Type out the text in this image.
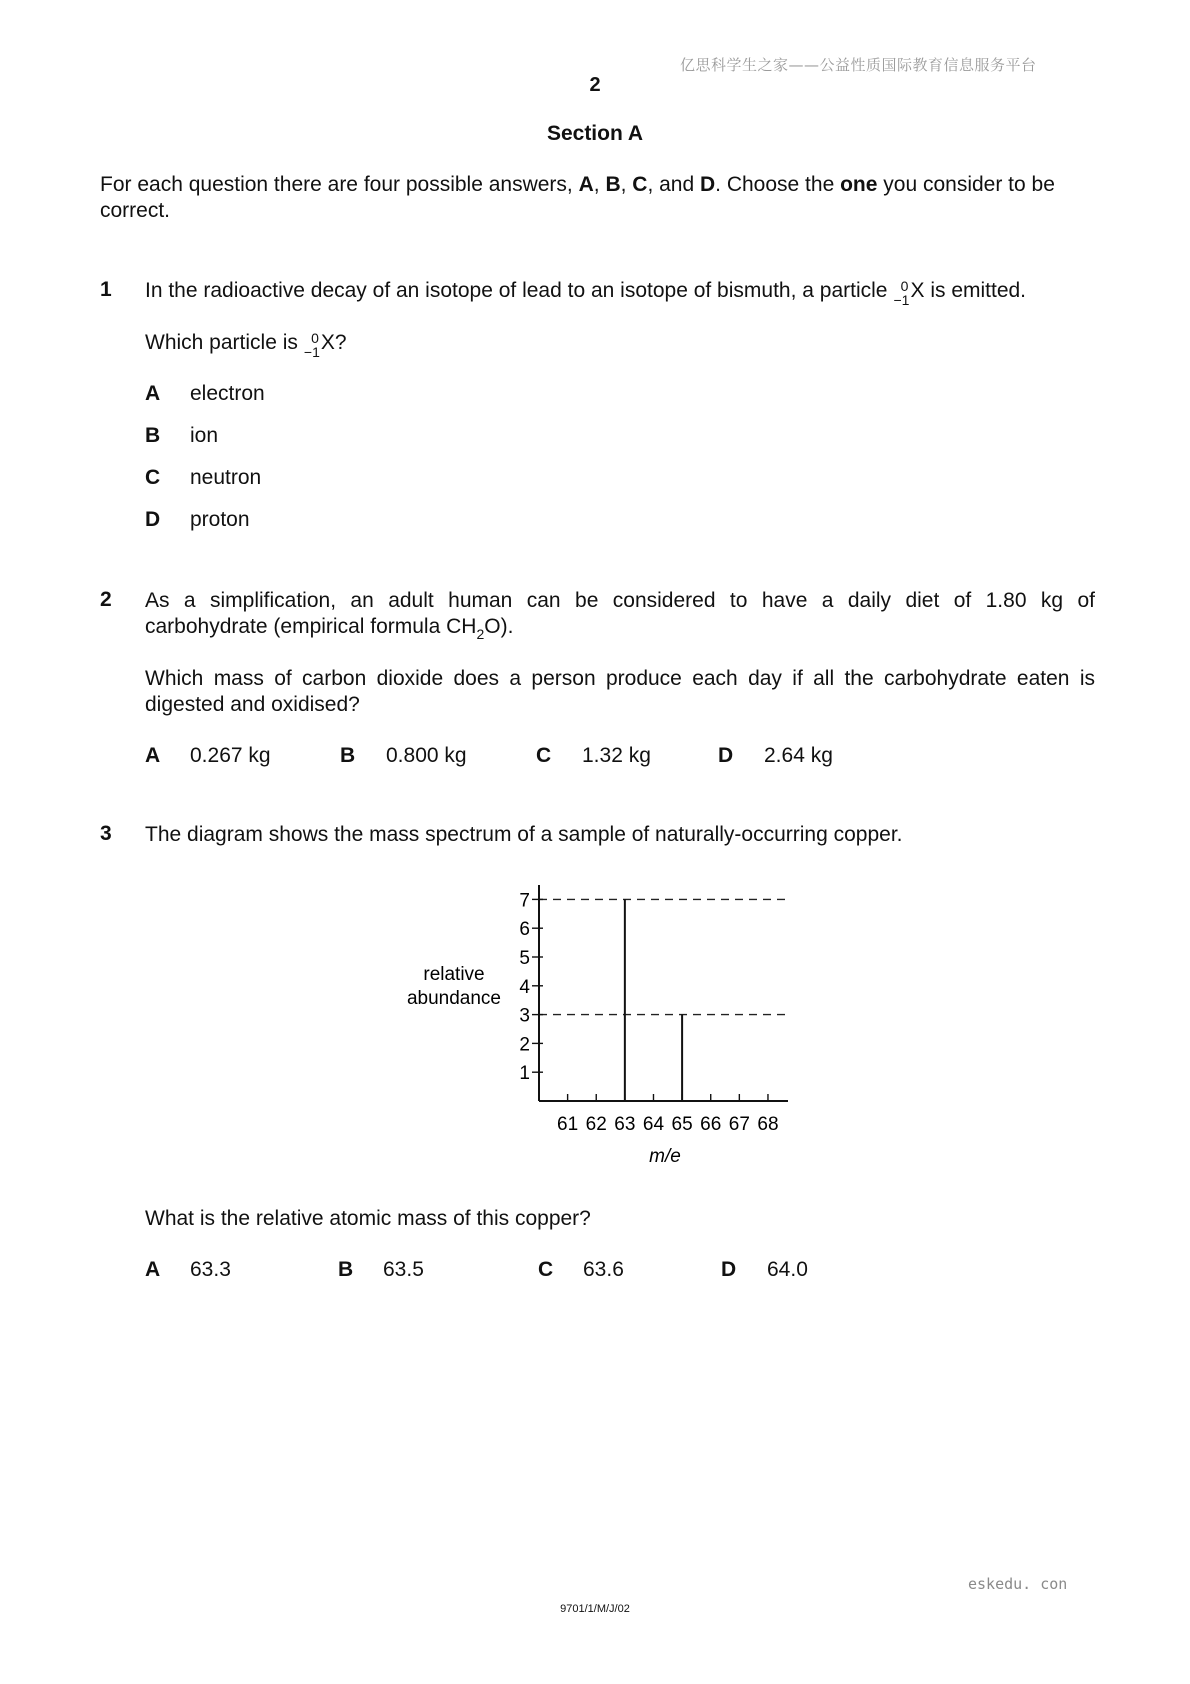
亿思科学生之家——公益性质国际教育信息服务平台
2
Section A
For each question there are four possible answers, A, B, C, and D. Choose the one you consider to be
correct.
1 In the radioactive decay of an isotope of lead to an isotope of bismuth, a particle 0
−1 X is emitted.
Which particle is 0
−1 X?
A electron
B ion
C neutron
D proton
2 As a simplification, an adult human can be considered to have a daily diet of 1.80 kg of
carbohydrate (empirical formula $CH_2O$).
Which mass of carbon dioxide does a person produce each day if all the carbohydrate eaten is
digested and oxidised?
A 0.267 kg	B 0.800 kg	C 1.32 kg	D 2.64 kg
3 The diagram shows the mass spectrum of a sample of naturally-occurring copper.
relative
abundance
m/e
1
2
3
4
5
6
7
61 62 63 64 65 66 67 68
What is the relative atomic mass of this copper?
A 63.3	B 63.5	C 63.6	D 64.0
eskedu. con
9701/1/M/J/02
